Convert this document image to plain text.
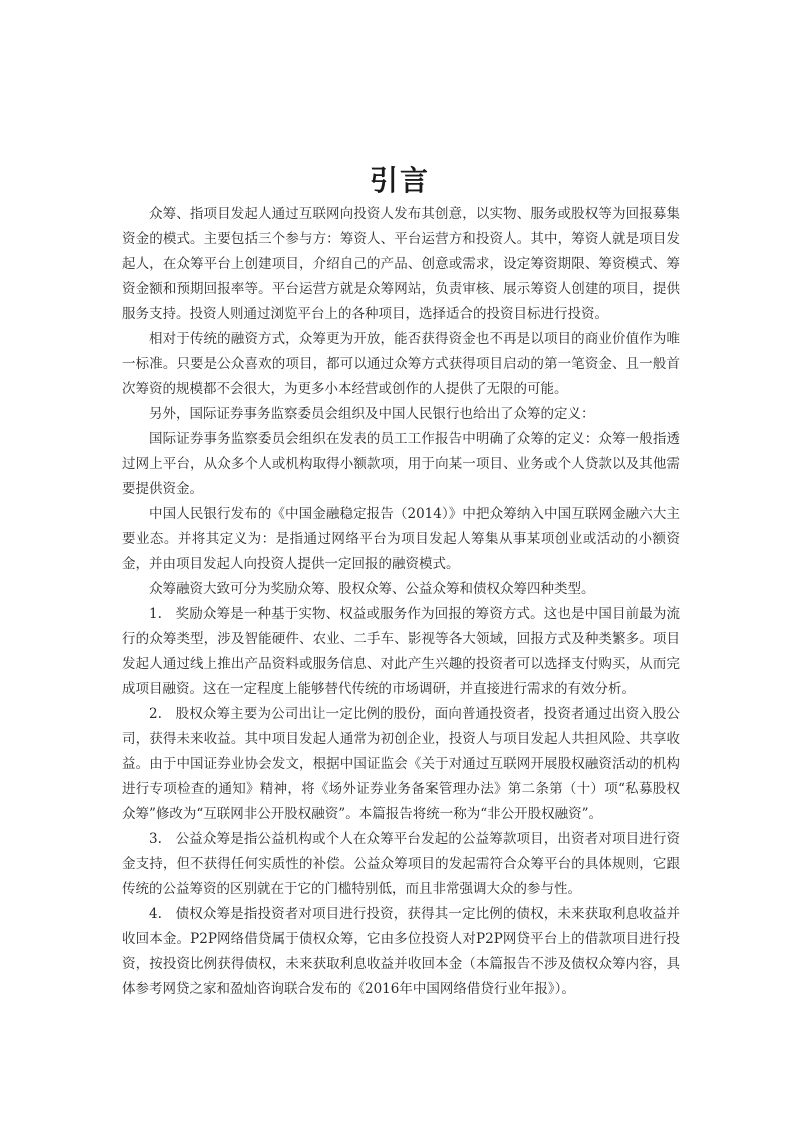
引言

众筹、指项目发起人通过互联网向投资人发布其创意，以实物、服务或股权等为回报募集资金的模式。主要包括三个参与方：筹资人、平台运营方和投资人。其中，筹资人就是项目发起人，在众筹平台上创建项目，介绍自己的产品、创意或需求，设定筹资期限、筹资模式、筹资金额和预期回报率等。平台运营方就是众筹网站，负责审核、展示筹资人创建的项目，提供服务支持。投资人则通过浏览平台上的各种项目，选择适合的投资目标进行投资。

相对于传统的融资方式，众筹更为开放，能否获得资金也不再是以项目的商业价值作为唯一标准。只要是公众喜欢的项目，都可以通过众筹方式获得项目启动的第一笔资金、且一般首次筹资的规模都不会很大，为更多小本经营或创作的人提供了无限的可能。

另外，国际证券事务监察委员会组织及中国人民银行也给出了众筹的定义：

国际证券事务监察委员会组织在发表的员工工作报告中明确了众筹的定义：众筹一般指透过网上平台，从众多个人或机构取得小额款项，用于向某一项目、业务或个人贷款以及其他需要提供资金。

中国人民银行发布的《中国金融稳定报告（2014）》中把众筹纳入中国互联网金融六大主要业态。并将其定义为：是指通过网络平台为项目发起人筹集从事某项创业或活动的小额资金，并由项目发起人向投资人提供一定回报的融资模式。

众筹融资大致可分为奖励众筹、股权众筹、公益众筹和债权众筹四种类型。

1.　奖励众筹是一种基于实物、权益或服务作为回报的筹资方式。这也是中国目前最为流行的众筹类型，涉及智能硬件、农业、二手车、影视等各大领域，回报方式及种类繁多。项目发起人通过线上推出产品资料或服务信息、对此产生兴趣的投资者可以选择支付购买，从而完成项目融资。这在一定程度上能够替代传统的市场调研，并直接进行需求的有效分析。

2.　股权众筹主要为公司出让一定比例的股份，面向普通投资者，投资者通过出资入股公司，获得未来收益。其中项目发起人通常为初创企业，投资人与项目发起人共担风险、共享收益。由于中国证券业协会发文，根据中国证监会《关于对通过互联网开展股权融资活动的机构进行专项检查的通知》精神，将《场外证券业务备案管理办法》第二条第（十）项“私募股权众筹”修改为“互联网非公开股权融资”。本篇报告将统一称为“非公开股权融资”。

3.　公益众筹是指公益机构或个人在众筹平台发起的公益筹款项目，出资者对项目进行资金支持，但不获得任何实质性的补偿。公益众筹项目的发起需符合众筹平台的具体规则，它跟传统的公益筹资的区别就在于它的门槛特别低，而且非常强调大众的参与性。

4.　债权众筹是指投资者对项目进行投资，获得其一定比例的债权，未来获取利息收益并收回本金。P2P网络借贷属于债权众筹，它由多位投资人对P2P网贷平台上的借款项目进行投资，按投资比例获得债权，未来获取利息收益并收回本金（本篇报告不涉及债权众筹内容，具体参考网贷之家和盈灿咨询联合发布的《2016年中国网络借贷行业年报》）。
